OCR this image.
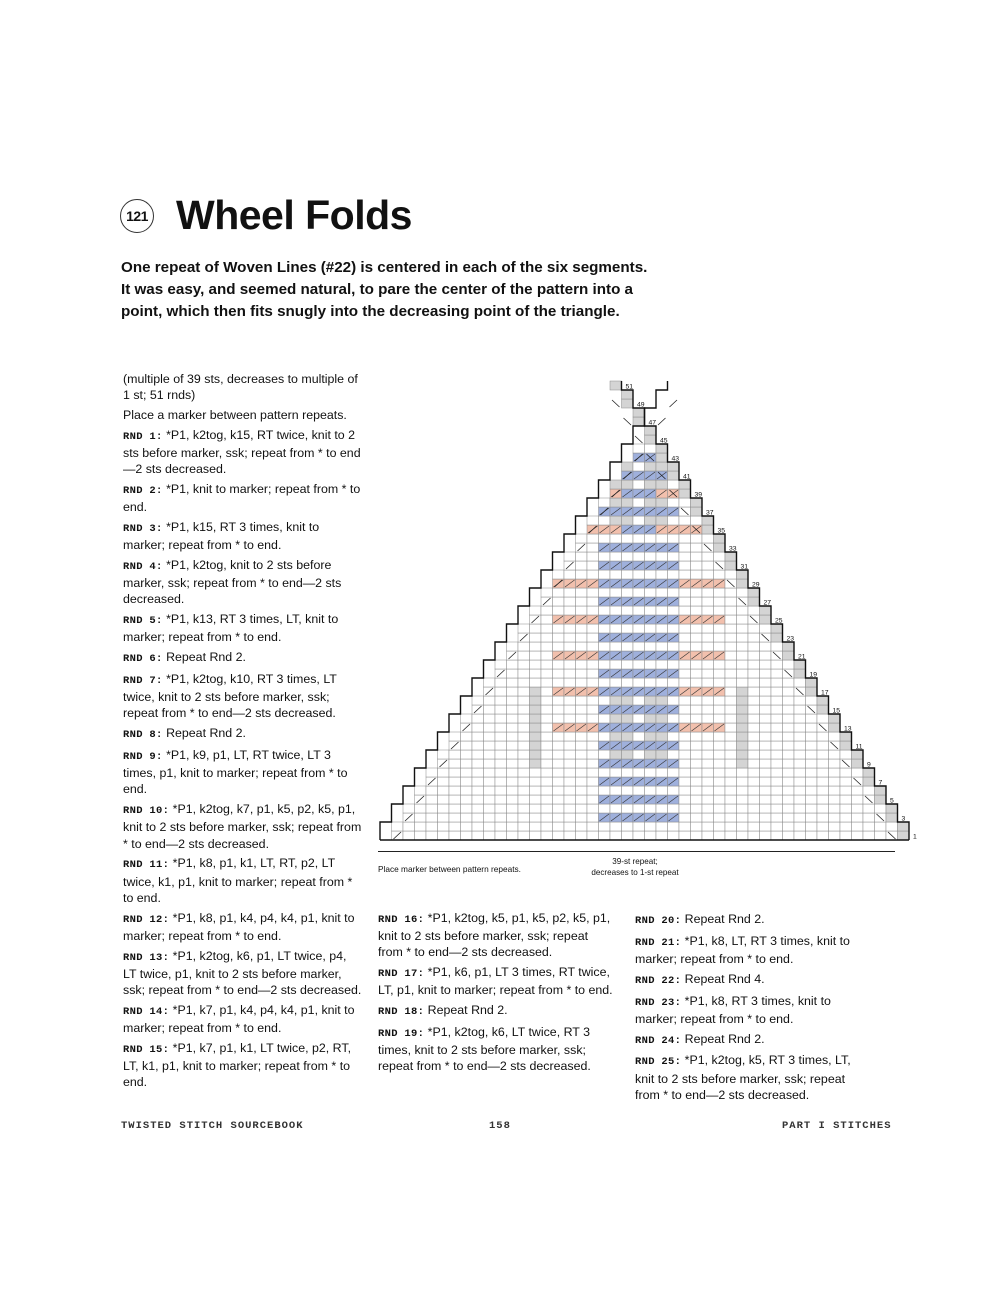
121 Wheel Folds

One repeat of Woven Lines (#22) is centered in each of the six segments.

It was easy, and seemed natural, to pare the center of the pattern into a

point, which then fits snugly into the decreasing point of the triangle.

(multiple of 39 sts, decreases to multiple of 1 st; 51 rnds)

Place a marker between pattern repeats.

RND 1: *P1, k2tog, k15, RT twice, knit to 2 sts before marker, ssk; repeat from * to end—2 sts decreased.

RND 2: *P1, knit to marker; repeat from * to end.

RND 3: *P1, k15, RT 3 times, knit to marker; repeat from * to end.

RND 4: *P1, k2tog, knit to 2 sts before marker, ssk; repeat from * to end—2 sts decreased.

RND 5: *P1, k13, RT 3 times, LT, knit to marker; repeat from * to end.

RND 6: Repeat Rnd 2.

RND 7: *P1, k2tog, k10, RT 3 times, LT twice, knit to 2 sts before marker, ssk; repeat from * to end—2 sts decreased.

RND 8: Repeat Rnd 2.

RND 9: *P1, k9, p1, LT, RT twice, LT 3 times, p1, knit to marker; repeat from * to end.

RND 10: *P1, k2tog, k7, p1, k5, p2, k5, p1, knit to 2 sts before marker, ssk; repeat from * to end—2 sts decreased.

RND 11: *P1, k8, p1, k1, LT, RT, p2, LT twice, k1, p1, knit to marker; repeat from * to end.

RND 12: *P1, k8, p1, k4, p4, k4, p1, knit to marker; repeat from * to end.

RND 13: *P1, k2tog, k6, p1, LT twice, p4, LT twice, p1, knit to 2 sts before marker, ssk; repeat from * to end—2 sts decreased.

RND 14: *P1, k7, p1, k4, p4, k4, p1, knit to marker; repeat from * to end.

RND 15: *P1, k7, p1, k1, LT twice, p2, RT, LT, k1, p1, knit to marker; repeat from * to end.

RND 16: *P1, k2tog, k5, p1, k5, p2, k5, p1, knit to 2 sts before marker, ssk; repeat from * to end—2 sts decreased.

RND 17: *P1, k6, p1, LT 3 times, RT twice, LT, p1, knit to marker; repeat from * to end.

RND 18: Repeat Rnd 2.

RND 19: *P1, k2tog, k6, LT twice, RT 3 times, knit to 2 sts before marker, ssk; repeat from * to end—2 sts decreased.

RND 20: Repeat Rnd 2.

RND 21: *P1, k8, LT, RT 3 times, knit to marker; repeat from * to end.

RND 22: Repeat Rnd 4.

RND 23: *P1, k8, RT 3 times, knit to marker; repeat from * to end.

RND 24: Repeat Rnd 2.

RND 25: *P1, k2tog, k5, RT 3 times, LT, knit to 2 sts before marker, ssk; repeat from * to end—2 sts decreased.

1
3
5
7
9
11
13
15
17
19
21
23
25
27
29
31
33
35
37
39
41
43
45
47
49
51
Place marker between pattern repeats.
39-st repeat;
decreases to 1-st repeat
TWISTED STITCH SOURCEBOOK	158	PART I STITCHES
